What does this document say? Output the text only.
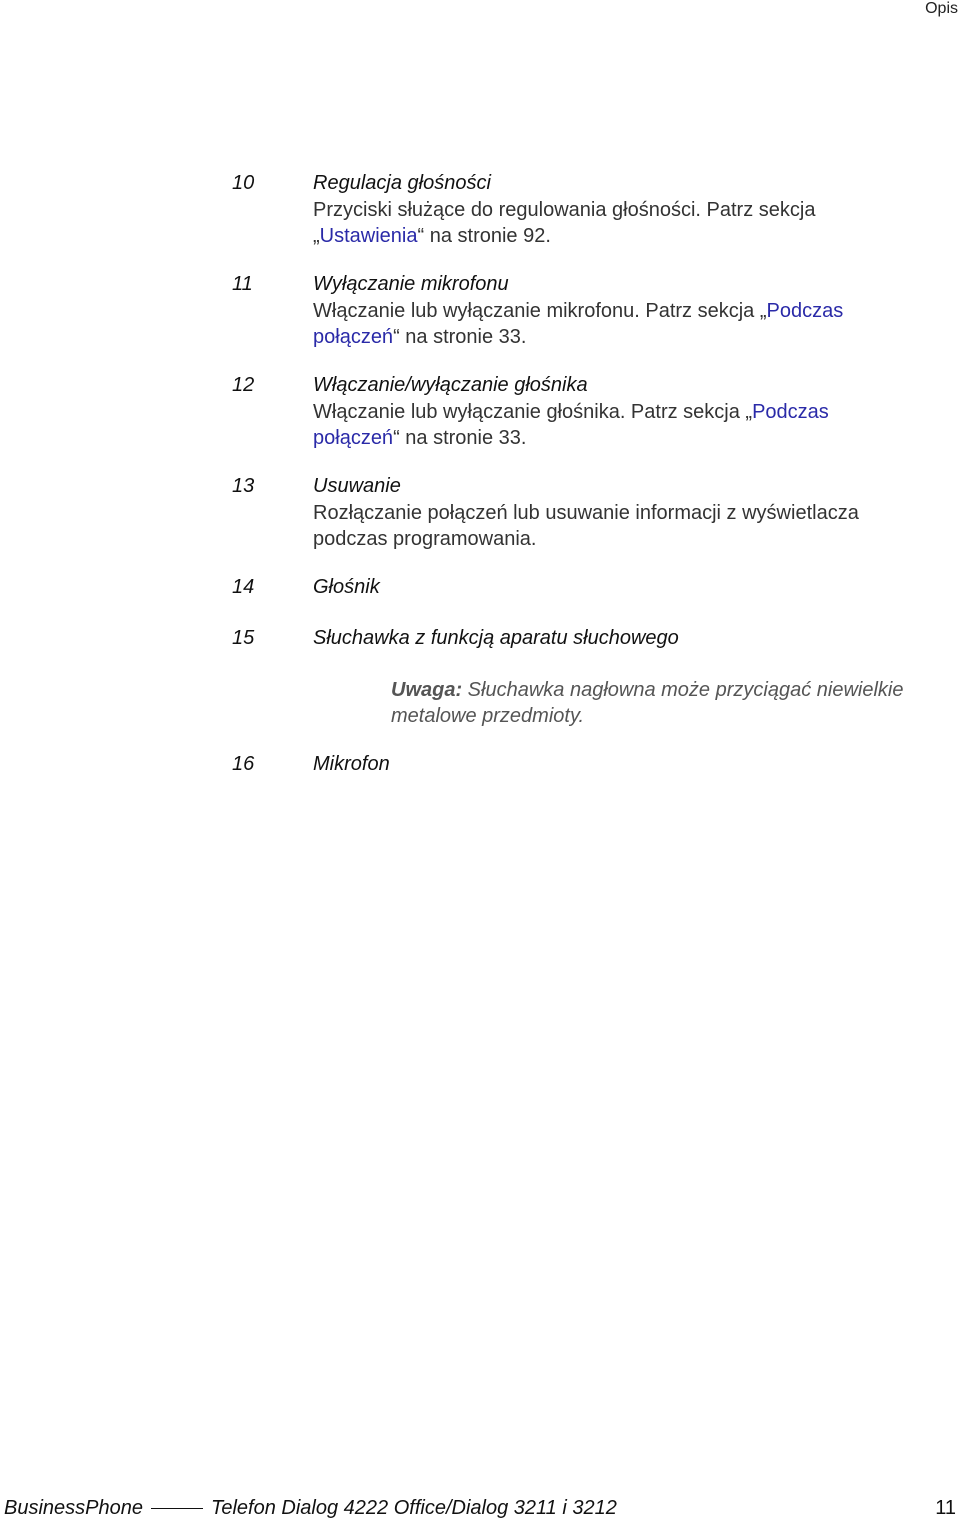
Opis
10	Regulacja głośności
Przyciski służące do regulowania głośności. Patrz sekcja „Ustawienia“ na stronie 92.
11	Wyłączanie mikrofonu
Włączanie lub wyłączanie mikrofonu. Patrz sekcja „Podczas połączeń“ na stronie 33.
12	Włączanie/wyłączanie głośnika
Włączanie lub wyłączanie głośnika. Patrz sekcja „Podczas połączeń“ na stronie 33.
13	Usuwanie
Rozłączanie połączeń lub usuwanie informacji z wyświetlacza podczas programowania.
14	Głośnik
15	Słuchawka z funkcją aparatu słuchowego
Uwaga: Słuchawka nagłowna może przyciągać niewielkie metalowe przedmioty.
16	Mikrofon
BusinessPhone	Telefon Dialog 4222 Office/Dialog 3211 i 3212	11
